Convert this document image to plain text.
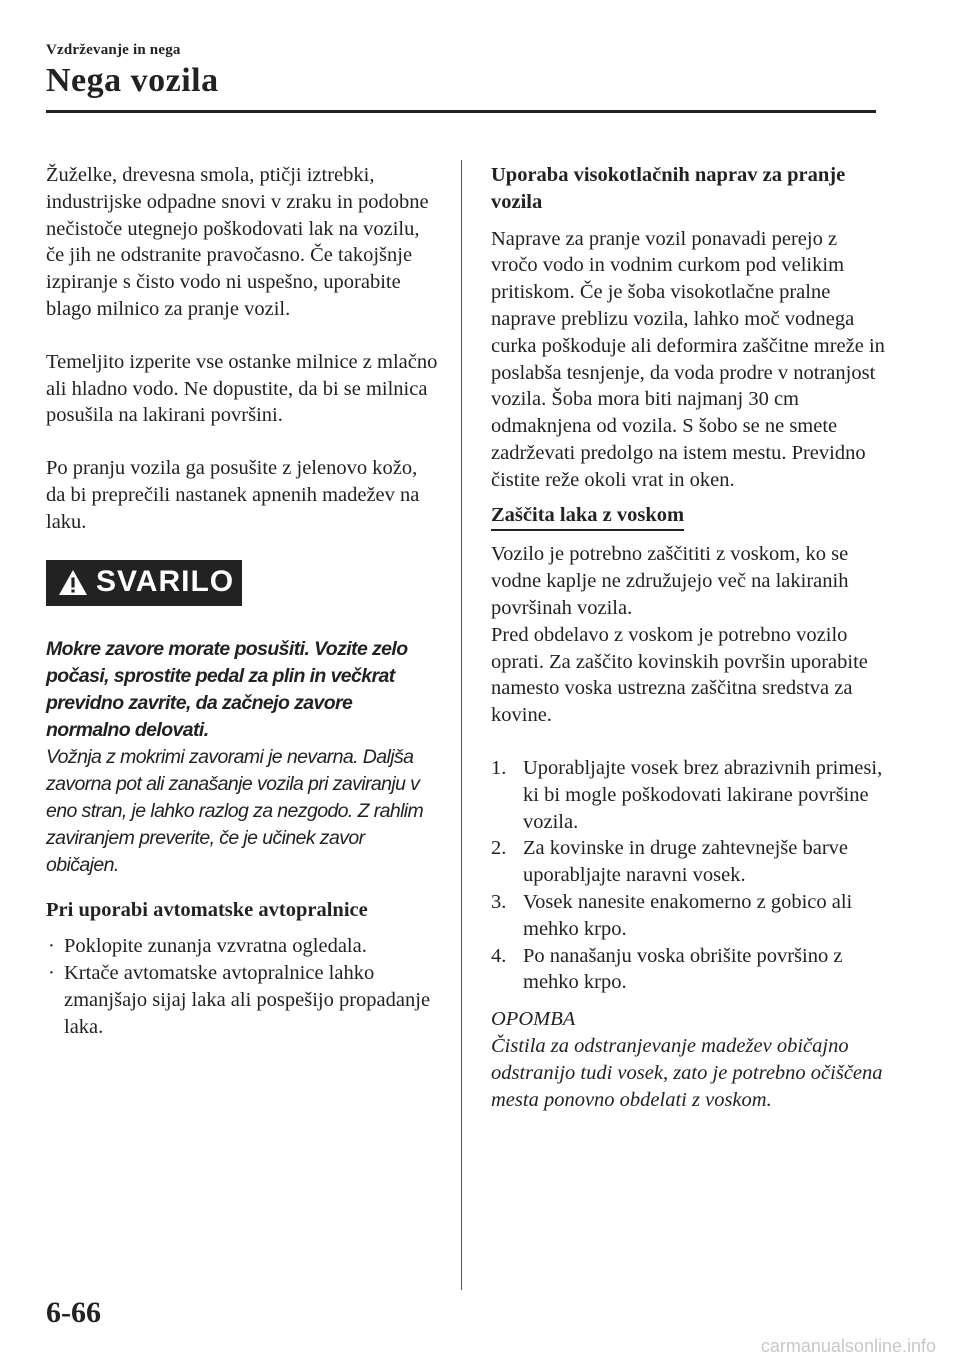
Vzdrževanje in nega
Nega vozila

Žuželke, drevesna smola, ptičji iztrebki, industrijske odpadne snovi v zraku in podobne nečistoče utegnejo poškodovati lak na vozilu, če jih ne odstranite pravočasno. Če takojšnje izpiranje s čisto vodo ni uspešno, uporabite blago milnico za pranje vozil.

Temeljito izperite vse ostanke milnice z mlačno ali hladno vodo. Ne dopustite, da bi se milnica posušila na lakirani površini.

Po pranju vozila ga posušite z jelenovo kožo, da bi preprečili nastanek apnenih madežev na laku.

SVARILO

Mokre zavore morate posušiti. Vozite zelo počasi, sprostite pedal za plin in večkrat previdno zavrite, da začnejo zavore normalno delovati.

Vožnja z mokrimi zavorami je nevarna. Daljša zavorna pot ali zanašanje vozila pri zaviranju v eno stran, je lahko razlog za nezgodo. Z rahlim zaviranjem preverite, če je učinek zavor običajen.

Pri uporabi avtomatske avtopralnice

· Poklopite zunanja vzvratna ogledala.
· Krtače avtomatske avtopralnice lahko zmanjšajo sijaj laka ali pospešijo propadanje laka.

Uporaba visokotlačnih naprav za pranje vozila

Naprave za pranje vozil ponavadi perejo z vročo vodo in vodnim curkom pod velikim pritiskom. Če je šoba visokotlačne pralne naprave preblizu vozila, lahko moč vodnega curka poškoduje ali deformira zaščitne mreže in poslabša tesnjenje, da voda prodre v notranjost vozila. Šoba mora biti najmanj 30 cm odmaknjena od vozila. S šobo se ne smete zadrževati predolgo na istem mestu. Previdno čistite reže okoli vrat in oken.

Zaščita laka z voskom

Vozilo je potrebno zaščititi z voskom, ko se vodne kaplje ne združujejo več na lakiranih površinah vozila.

Pred obdelavo z voskom je potrebno vozilo oprati. Za zaščito kovinskih površin uporabite namesto voska ustrezna zaščitna sredstva za kovine.

1. Uporabljajte vosek brez abrazivnih primesi,
ki bi mogle poškodovati lakirane površine vozila.
2. Za kovinske in druge zahtevnejše barve uporabljajte naravni vosek.
3. Vosek nanesite enakomerno z gobico ali mehko krpo.
4. Po nanašanju voska obrišite površino z mehko krpo.

OPOMBA

Čistila za odstranjevanje madežev običajno odstranijo tudi vosek, zato je potrebno očiščena mesta ponovno obdelati z voskom.

6-66
carmanualsonline.info
